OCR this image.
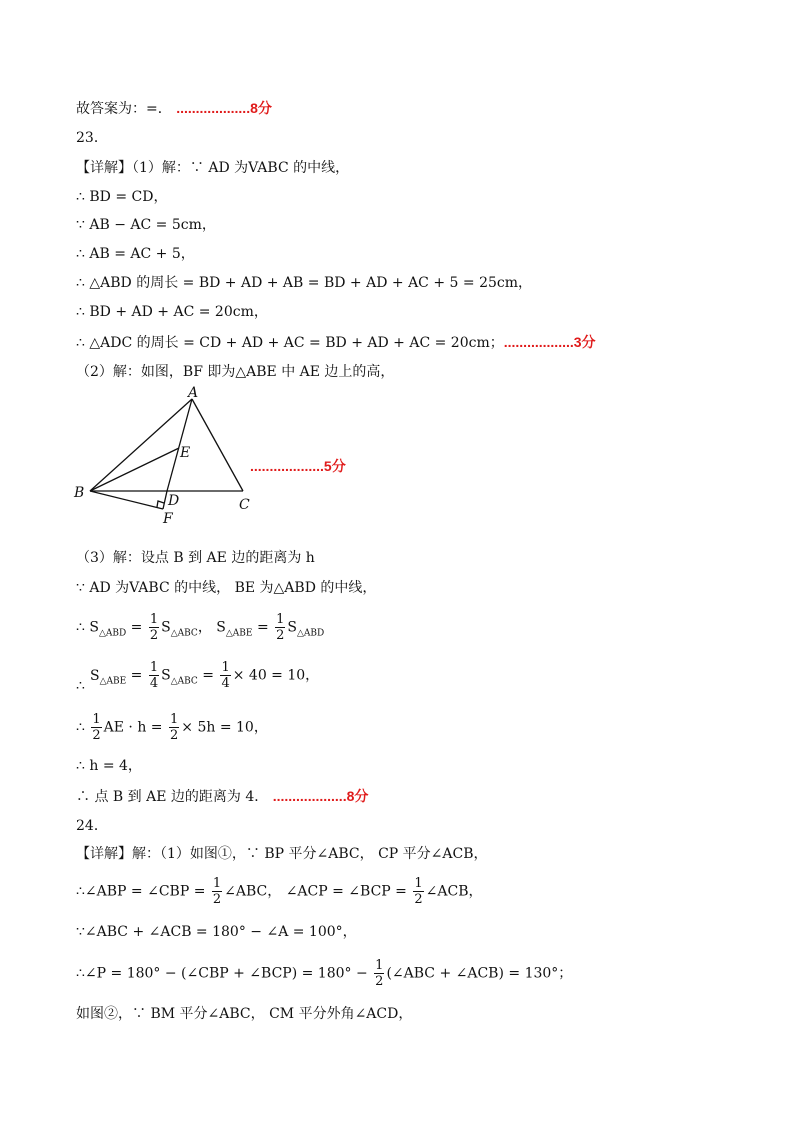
故答案为：=． ...................8分
23．
【详解】（1）解：∵ AD 为VABC 的中线，
∴ BD = CD，
∵ AB − AC = 5cm，
∴ AB = AC + 5，
∴ △ABD 的周长 = BD + AD + AB = BD + AD + AC + 5 = 25cm，
∴ BD + AD + AC = 20cm，
∴ △ADC 的周长 = CD + AD + AC = BD + AD + AC = 20cm；..................3分
（2）解：如图，BF 即为△ABE 中 AE 边上的高，
A
B
C
D
E
F
...................5分
（3）解：设点 B 到 AE 边的距离为 h
∵ AD 为VABC 的中线， BE 为△ABD 的中线，
∴ $S_{\triangle ABD} = \frac{1}{2} S_{\triangle ABC}$， $S_{\triangle ABE} = \frac{1}{2} S_{\triangle ABD}$
$S_{\triangle ABE} = \frac{1}{4} S_{\triangle ABC} = \frac{1}{4} \times 40 = 10$，
∴
∴ $\frac{1}{2}$ AE · $h = \frac{1}{2} \times 5h = 10$，
∴ h = 4，
∴ 点 B 到 AE 边的距离为 4． ...................8分
24．
【详解】解：（1）如图①，∵ BP 平分∠ABC， CP 平分∠ACB，
∴∠ABP = ∠CBP = $\frac{1}{2}$ ∠ABC， ∠ACP = ∠BCP = $\frac{1}{2}$ ∠ACB，
∵∠ABC + ∠ACB = 180° − ∠A = 100°，
∴∠P = 180° − (∠CBP + ∠BCP) = $180^\circ - \frac{1}{2}$ (∠ABC + ∠ACB) = 130°；
如图②，∵ BM 平分∠ABC， CM 平分外角∠ACD，
